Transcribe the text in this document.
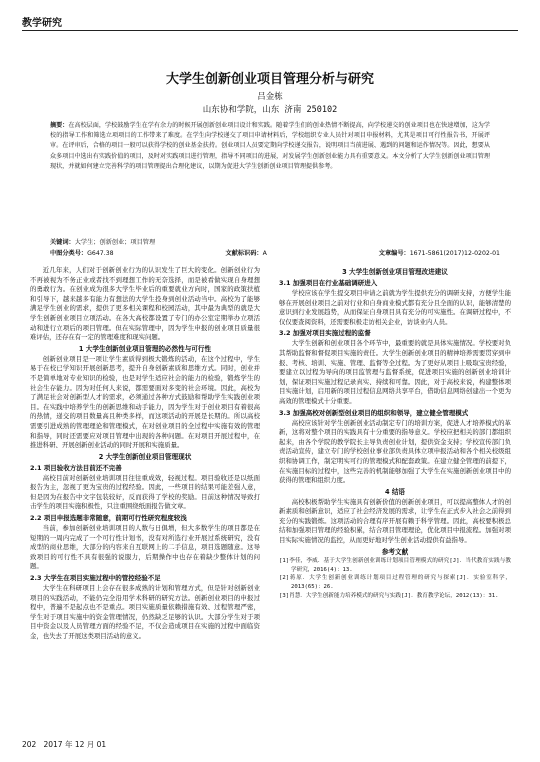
教学研究
大学生创新创业项目管理分析与研究
吕金栋
山东协和学院，山东 济南 250102
摘要：在高校层面，学校鼓励学生在学有余力的时候开展创新创业项目设计和实践。随着学生们的创业热情不断提高，向学校递交的创业项目也在快速增加，这为学校的指导工作和筛选立项项目的工作带来了难度。在学生向学校递交了项目申请材料后，学校组织专业人员针对项目申报材料，尤其是项目可行性报告书，开展评审。在评审后，合格的项目一般可以获得学校的创业基金扶持。创业项目人员要定期向学校递交报告，说明项目当前进展、遇到的问题和运作情况等。因此，想要从众多项目中选出有实践价值的项目，及时对实践项目进行管理，指导不同项目的进展，对发展学生创新创业能力具有重要意义。本文分析了大学生创新创业项目管理现状，并就如何建立完善科学的项目管理提出合理化建议，以期为促进大学生创新创业项目管理提供参考。
关键词：大学生；创新创业；项目管理
中图分类号：G647.38	文献标识码：A	文章编号：1671-5861(2017)12-0202-01

近几年来，人们对于创新创业行为的认识发生了巨大的变化。创新创业行为不再被视为不务正业或者找不到理想工作的无奈选择，而是被看做实现自身理想的勇敢行为。在创业成为很多大学生毕业后的重要就业方向时，国家的政策扶植和引导下，越来越多有能力有想法的大学生投身到创业活动当中。高校为了能够满足学生创业的需求，提供了更多相关课程和校园活动，其中最为典型的就是大学生创新创业项目立项活动。在各大高校都设置了专门的办公室定期举办立项活动和进行立项后的项目管理。但在实际管理中，因为学生申报的创业项目质量很难评估，还存在有一定的管理难度和现实问题。

1 大学生创新创业项目管理的必然性与可行性

创新创业项目是一项让学生素质得到极大锻炼的活动，在这个过程中，学生易于在校已学知识开展创新思考，提升自身创新素质和思维方式。同时，创业并不是简单地对专业知识的检验，也是对学生适应社会的能力的检验，锻炼学生的社会生存能力。因为对任何人来说，都需要面对多变的社会环境。因此，高校为了满足社会对创新型人才的需求，必须通过各种方式鼓励和帮助学生实践创业项目。在实践中培养学生的创新思维和动手能力，因为学生对于创业项目有着很高的热情，递交的项目数量高且种类多样，而这项活动的开展是长期的。所以高校需要引进成熟的管理理论和管理模式，在对创业项目的全过程中实施有效的管理和指导，同时还需要应对项目管理中出现的各种问题。在对项目开展过程中，在推进科研、开展创新创业活动的同时开展和实施质量。

2 大学生创新创业项目管理现状
2.1 项目验收方法目前还不完善

高校目前对创新创业培训项目往往重成效，轻视过程。项目验收还是以纸面报告为主，忽视了更为宝贵的过程经验。因此，一些项目的结果可能差强人意，但是因为在报告中文字包装较好，反而获得了学校的奖励。目前这种情况导致打击学生的项目实施积极性，只注重围绕纸面报告做文章。

2.2 项目申报选题非常随意，前期可行性研究程度较浅

当前，参加创新创业培训项目的人数与日俱增，但大多数学生的项目都是在短期的一周内完成了一个可行性计划书，没有对所选行业开展过系统研究，没有成型的商业思维，大部分的内容来自互联网上的二手信息，项目选题随意。这导致项目的可行性不具有很强的说服力，后期操作中也存在着缺少整体计划的问题。

2.3 大学生在项目实施过程中的管控经验不足

大学生在科研项目上会存在很多成熟的计划和管理方式，但是针对创新创业项目的实践活动，不能仍完全沿用学术科研的研究方法。创新创业项目的申报过程中，普遍不是起点也不是重点。项目实施质量依赖措施有效、过程管理严密，学生对于项目实施中的资金管理情况，仍然缺乏足够的认识。大部分学生对于项目中资金以及人员管理方面的经验不足，不仅会造成项目在实施的过程中面临资金，也失去了开展这类项目活动的意义。

3 大学生创新创业项目管理改进建议
3.1 加强项目在行业基础调研进入

学校应该在学生提交项目申请之前就为学生提供充分的调研支持，方便学生能够在开展创业项目之前对行业和自身商业模式都有充分且全面的认识，能够清楚的意识到行业发展趋势，从而保证自身项目具有充分的可实施性。在调研过程中，不仅仅要查阅资料，还需要积极走访相关企业，访谈业内人员。

3.2 加强对项目实施过程的监督

大学生创新和创业项目各个环节中，最重要的就是具体实施情况。学校要对负其帮助监督和督促项目实施的责任。大学生创新创业项目的精神培养需要贯穿到申报、考核、培训、实施、管理、监督等全过程。为了更好从项目上吸取宝贵经验，要建立以过程为导向的项目监管理与监督系统，促进项目实施的创新创业培训计划，保证项目实施过程记录真实、持续和可靠。因此，对于高校来说，构建整体项目实施计划，启用新的项目过程信息网络共享平台，借助信息网络创建出一个更为高效的管理模式十分重要。

3.3 加强高校对创新型创业项目的组织和领导，建立健全管理模式

高校应该针对学生创新创业活动制定专门的培训方案，促进人才培养模式的革新，这将对整个项目的实践具有十分重要的指导意义。学校应把相关的部门都组织起来，由各个学院的教学院长主导负责创业计划，提供资金支持；学校宣传部门负责活动宣传，建立专门的学校创业事业部负责具体立项申报活动和各个相关校级组织和协调工作，制定明实可行的管理模式和配套政策。在建立健全管理的前提下，在实施目标的过程中，这些完善的机制能够加强了大学生在实施创新创业项目中的获得的管理和组织力度。

4 结语

高校积极帮助学生实施具有创新价值的创新创业项目，可以提高整体人才的创新素质和创新意识，适应了社会经济发展的需求，让学生在正式步入社会之前得到充分的实践锻炼。这项活动的合理有序开展有赖于科学管理。因此，高校要积极总结和加强项目管理的经验积累，结合项目管理理论，优化项目中报流程。加强对项目实际实施情况的监控，从而更好地对学生创业活动提供有益指导。

参考文献
[1]李佳，李威．基于大学生创新创业训练计划项目管理模式的研究[J]．当代教育实践与教学研究，2016(4)：13.
[2]蒋原．大学生创新创业训练计划项目过程管理的研究与探索[J]．实验室科学，2013(65)：26.
[3]肖慧．大学生创新能力培养模式的研究与实践[J]．教育教学论坛，2012(13)：31.
202 2017 年 12 月 01
